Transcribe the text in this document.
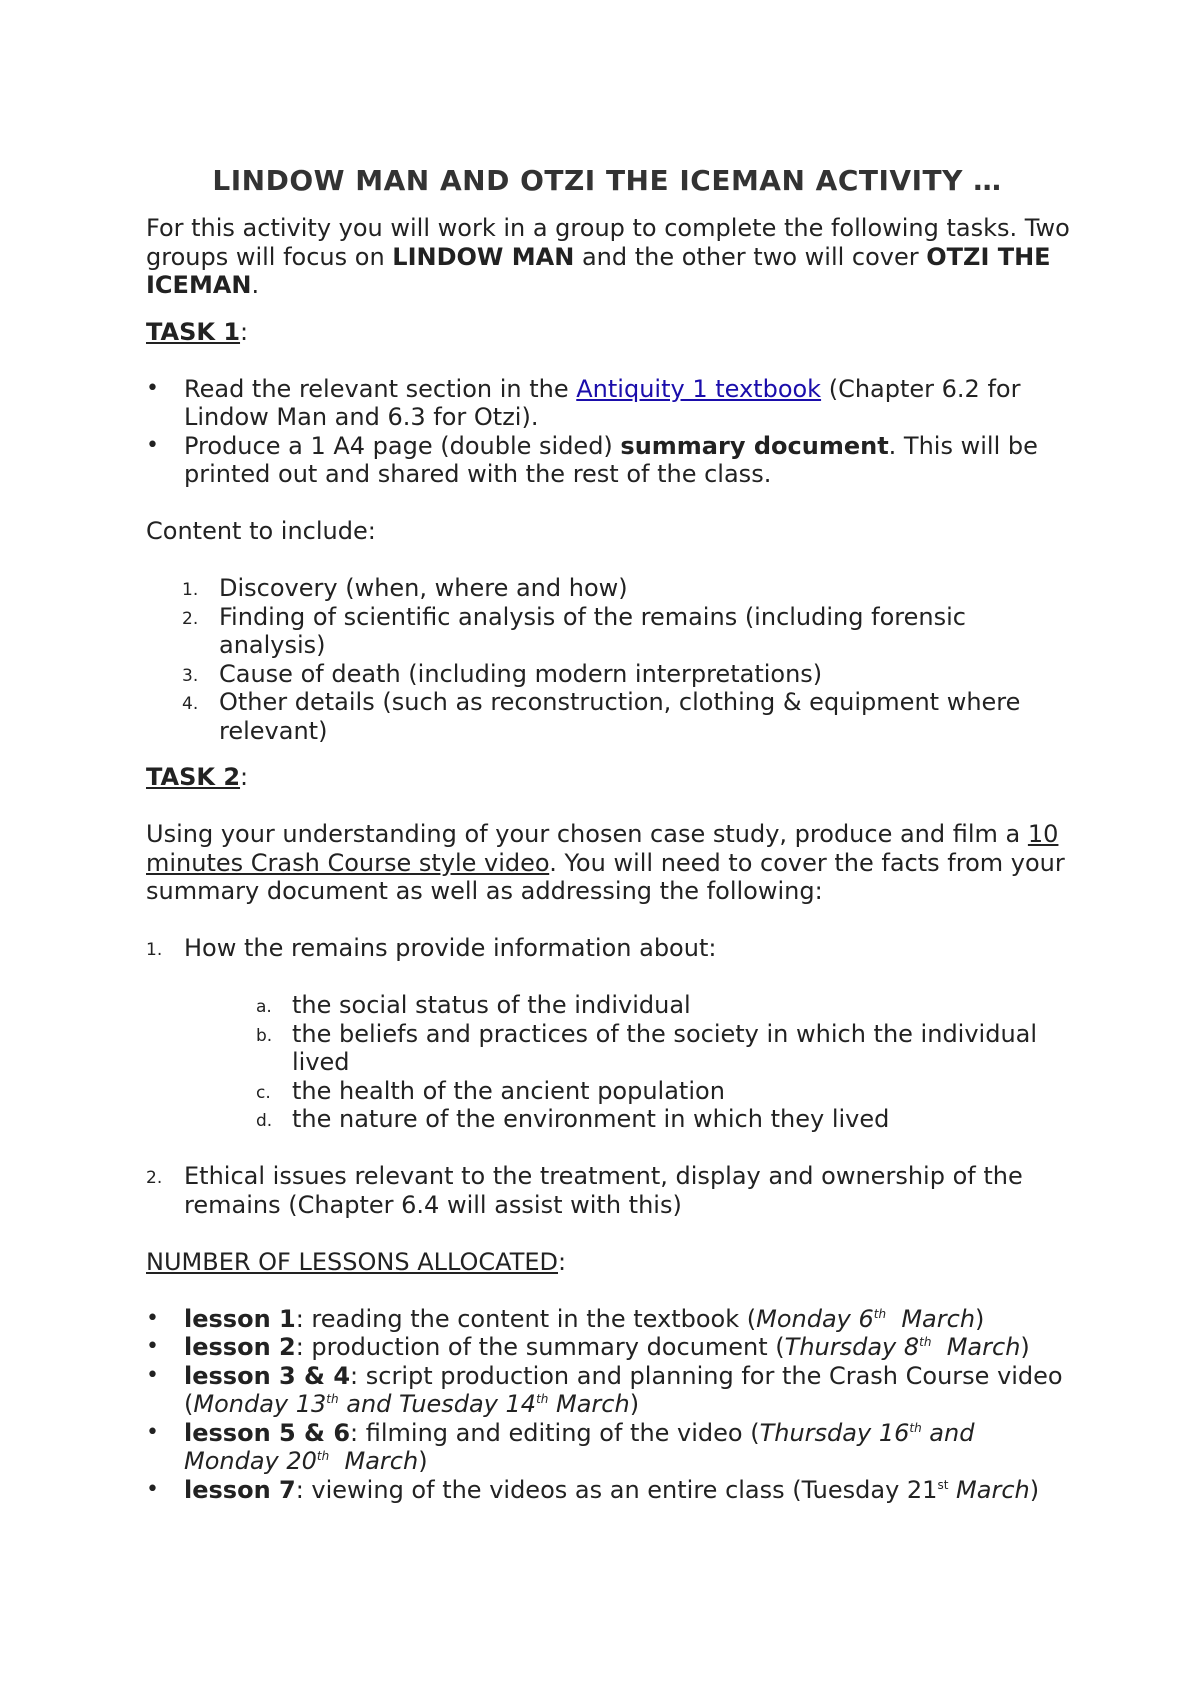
LINDOW MAN AND OTZI THE ICEMAN ACTIVITY …

For this activity you will work in a group to complete the following tasks. Two groups will focus on LINDOW MAN and the other two will cover OTZI THE ICEMAN.

TASK 1:

• Read the relevant section in the Antiquity 1 textbook (Chapter 6.2 for Lindow Man and 6.3 for Otzi).
• Produce a 1 A4 page (double sided) summary document. This will be printed out and shared with the rest of the class.

Content to include:

1. Discovery (when, where and how)
2. Finding of scientific analysis of the remains (including forensic analysis)
3. Cause of death (including modern interpretations)
4. Other details (such as reconstruction, clothing & equipment where relevant)

TASK 2:

Using your understanding of your chosen case study, produce and film a 10 minutes Crash Course style video. You will need to cover the facts from your summary document as well as addressing the following:

1. How the remains provide information about:
a. the social status of the individual
b. the beliefs and practices of the society in which the individual lived
c. the health of the ancient population
d. the nature of the environment in which they lived
2. Ethical issues relevant to the treatment, display and ownership of the remains (Chapter 6.4 will assist with this)

NUMBER OF LESSONS ALLOCATED:

• lesson 1: reading the content in the textbook (Monday 6th  March)
• lesson 2: production of the summary document (Thursday 8th  March)
• lesson 3 & 4: script production and planning for the Crash Course video (Monday 13th and Tuesday 14th March)
• lesson 5 & 6: filming and editing of the video (Thursday 16th and Monday 20th  March)
• lesson 7: viewing of the videos as an entire class (Tuesday 21st March)
